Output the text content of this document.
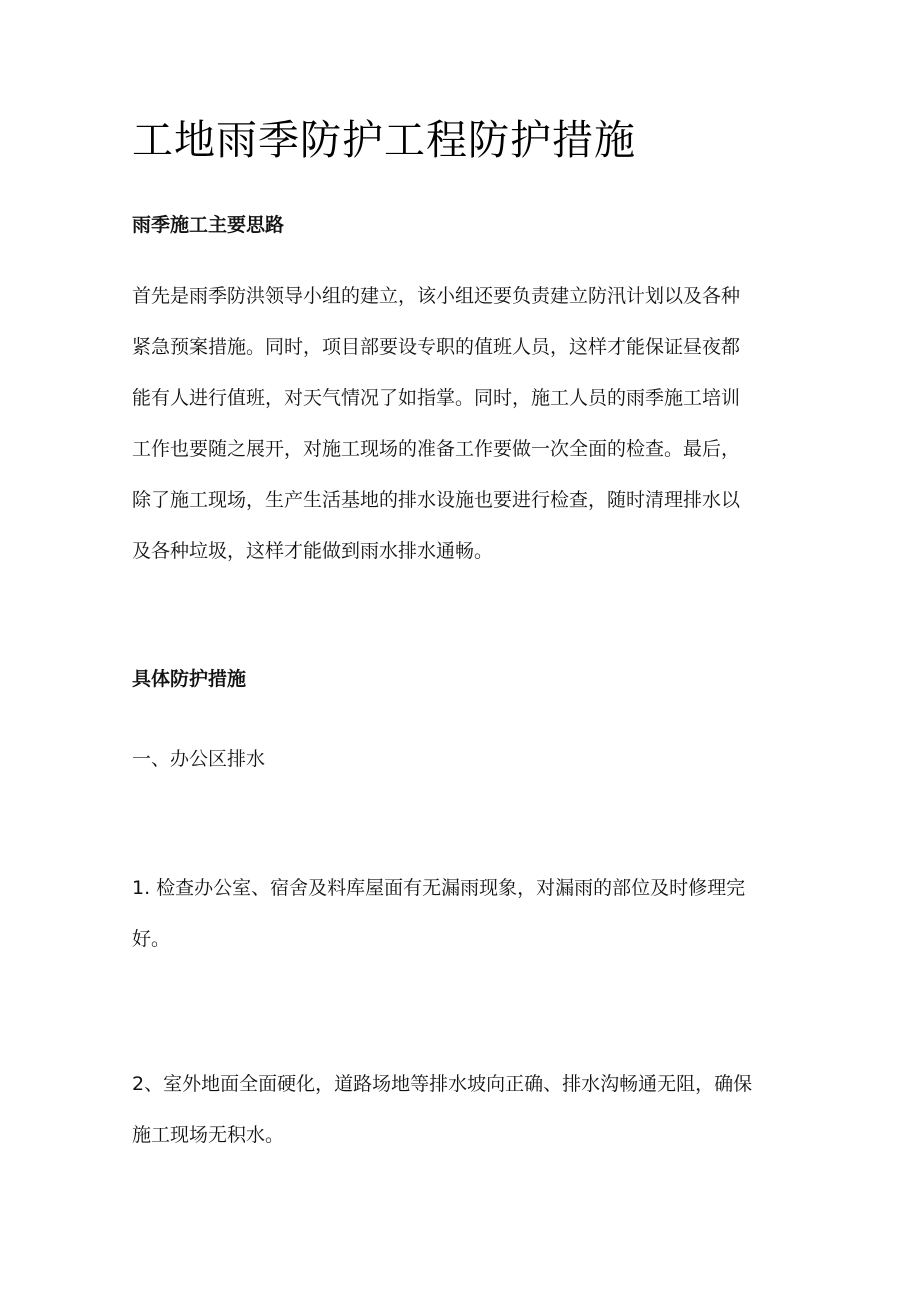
工地雨季防护工程防护措施
雨季施工主要思路
首先是雨季防洪领导小组的建立，该小组还要负责建立防汛计划以及各种
紧急预案措施。同时，项目部要设专职的值班人员，这样才能保证昼夜都
能有人进行值班，对天气情况了如指掌。同时，施工人员的雨季施工培训
工作也要随之展开，对施工现场的准备工作要做一次全面的检查。最后，
除了施工现场，生产生活基地的排水设施也要进行检查，随时清理排水以
及各种垃圾，这样才能做到雨水排水通畅。
具体防护措施
一、办公区排水
1. 检查办公室、宿舍及料库屋面有无漏雨现象，对漏雨的部位及时修理完
好。
2、室外地面全面硬化，道路场地等排水坡向正确、排水沟畅通无阻，确保
施工现场无积水。
